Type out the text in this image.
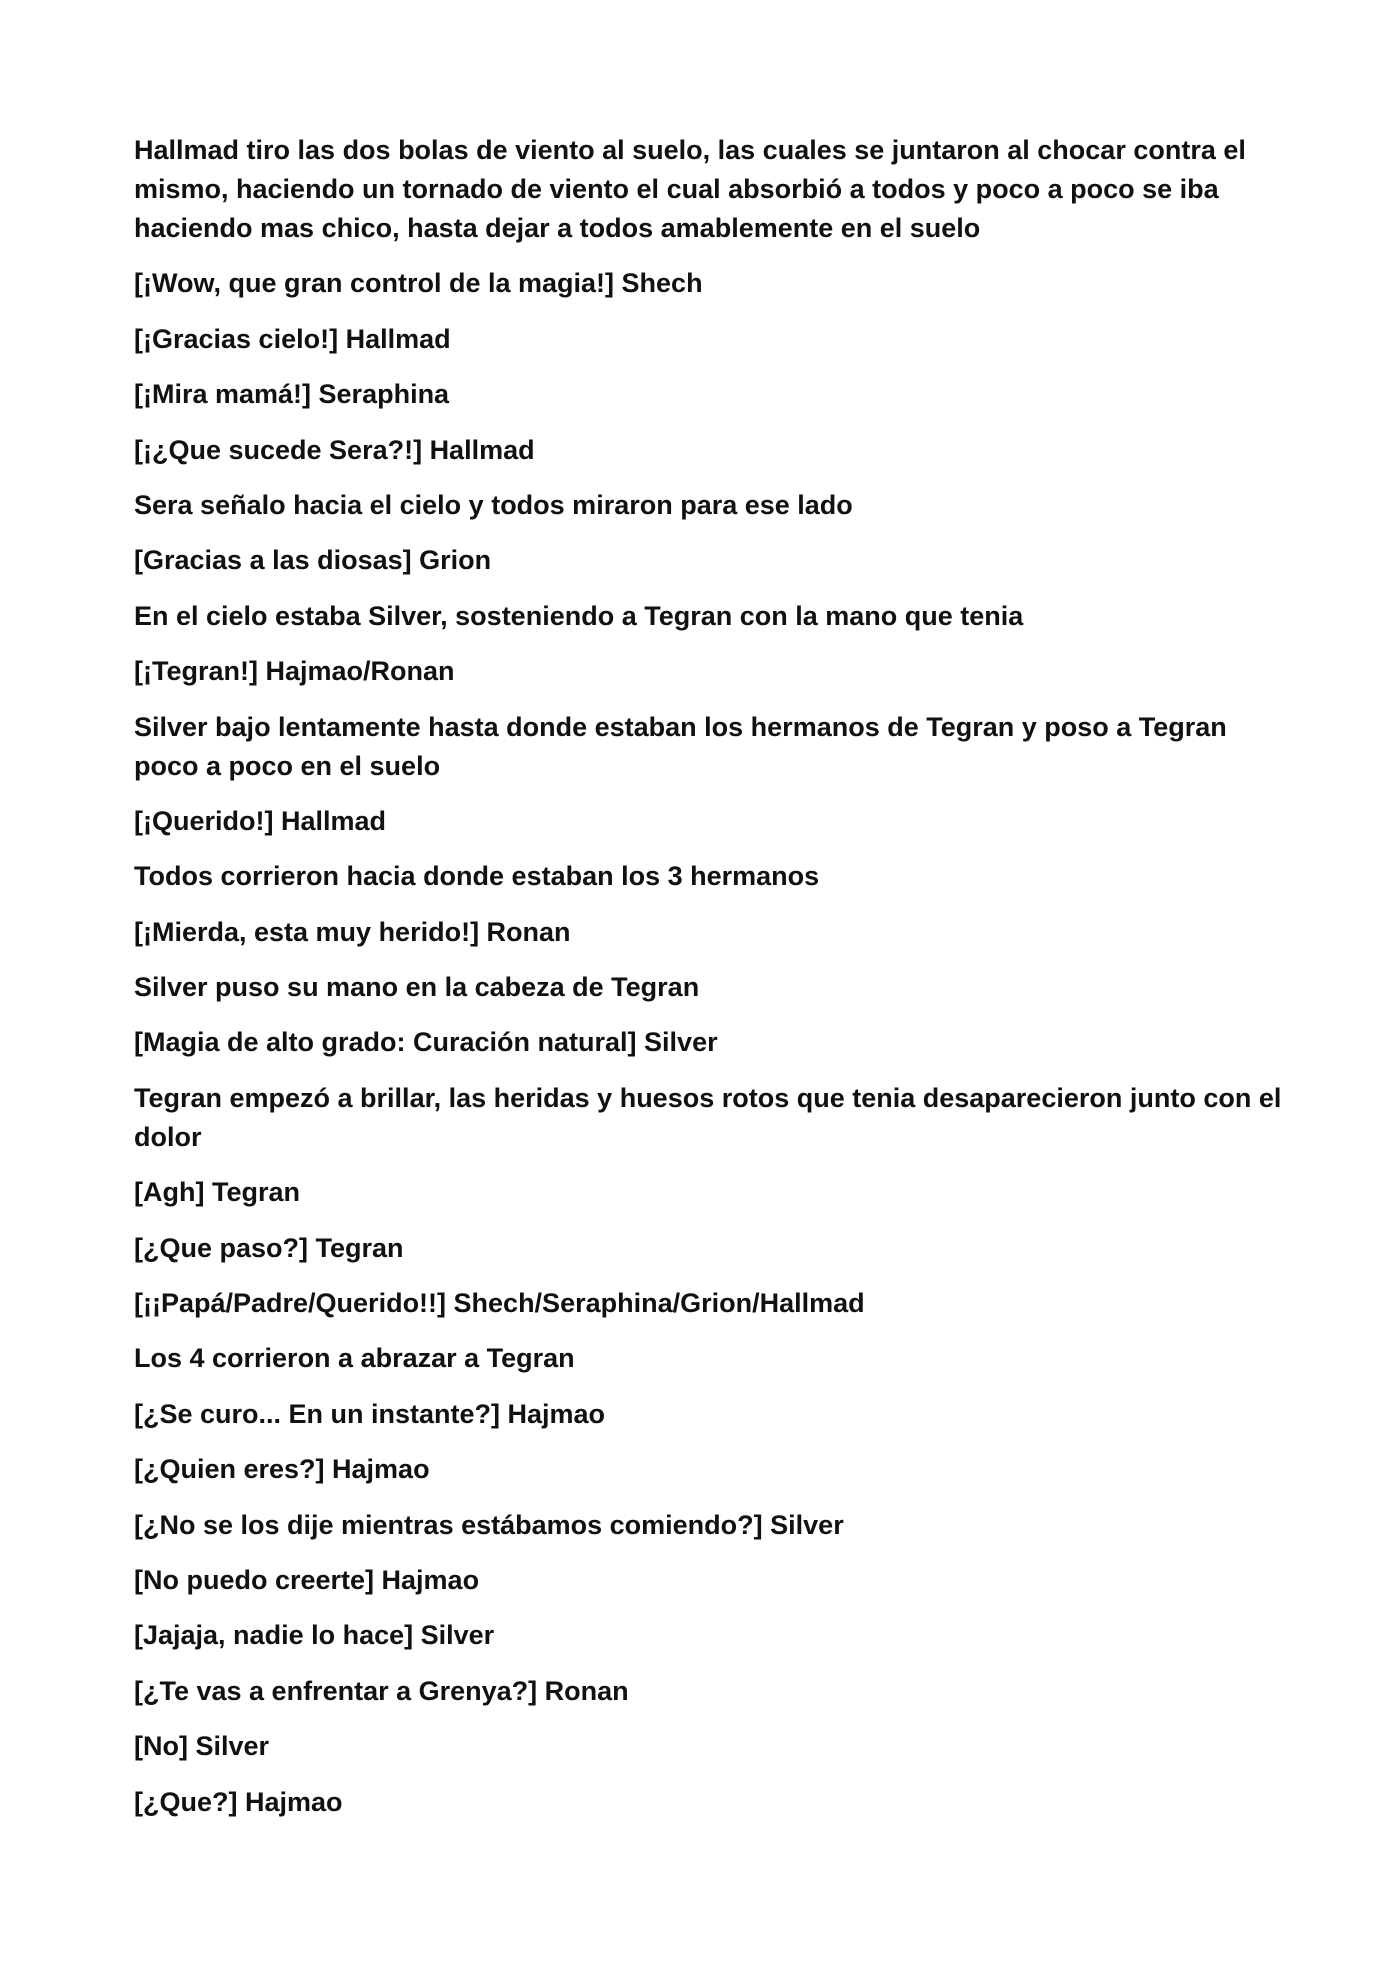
Hallmad tiro las dos bolas de viento al suelo, las cuales se juntaron al chocar contra el mismo, haciendo un tornado de viento el cual absorbió a todos y poco a poco se iba haciendo mas chico, hasta dejar a todos amablemente en el suelo

[¡Wow, que gran control de la magia!] Shech

[¡Gracias cielo!] Hallmad

[¡Mira mamá!] Seraphina

[¡¿Que sucede Sera?!] Hallmad

Sera señalo hacia el cielo y todos miraron para ese lado

[Gracias a las diosas] Grion

En el cielo estaba Silver, sosteniendo a Tegran con la mano que tenia

[¡Tegran!] Hajmao/Ronan

Silver bajo lentamente hasta donde estaban los hermanos de Tegran y poso a Tegran poco a poco en el suelo

[¡Querido!] Hallmad

Todos corrieron hacia donde estaban los 3 hermanos

[¡Mierda, esta muy herido!] Ronan

Silver puso su mano en la cabeza de Tegran

[Magia de alto grado: Curación natural] Silver

Tegran empezó a brillar, las heridas y huesos rotos que tenia desaparecieron junto con el dolor

[Agh] Tegran

[¿Que paso?] Tegran

[¡¡Papá/Padre/Querido!!] Shech/Seraphina/Grion/Hallmad

Los 4 corrieron a abrazar a Tegran

[¿Se curo... En un instante?] Hajmao

[¿Quien eres?] Hajmao

[¿No se los dije mientras estábamos comiendo?] Silver

[No puedo creerte] Hajmao

[Jajaja, nadie lo hace] Silver

[¿Te vas a enfrentar a Grenya?] Ronan

[No] Silver

[¿Que?] Hajmao
